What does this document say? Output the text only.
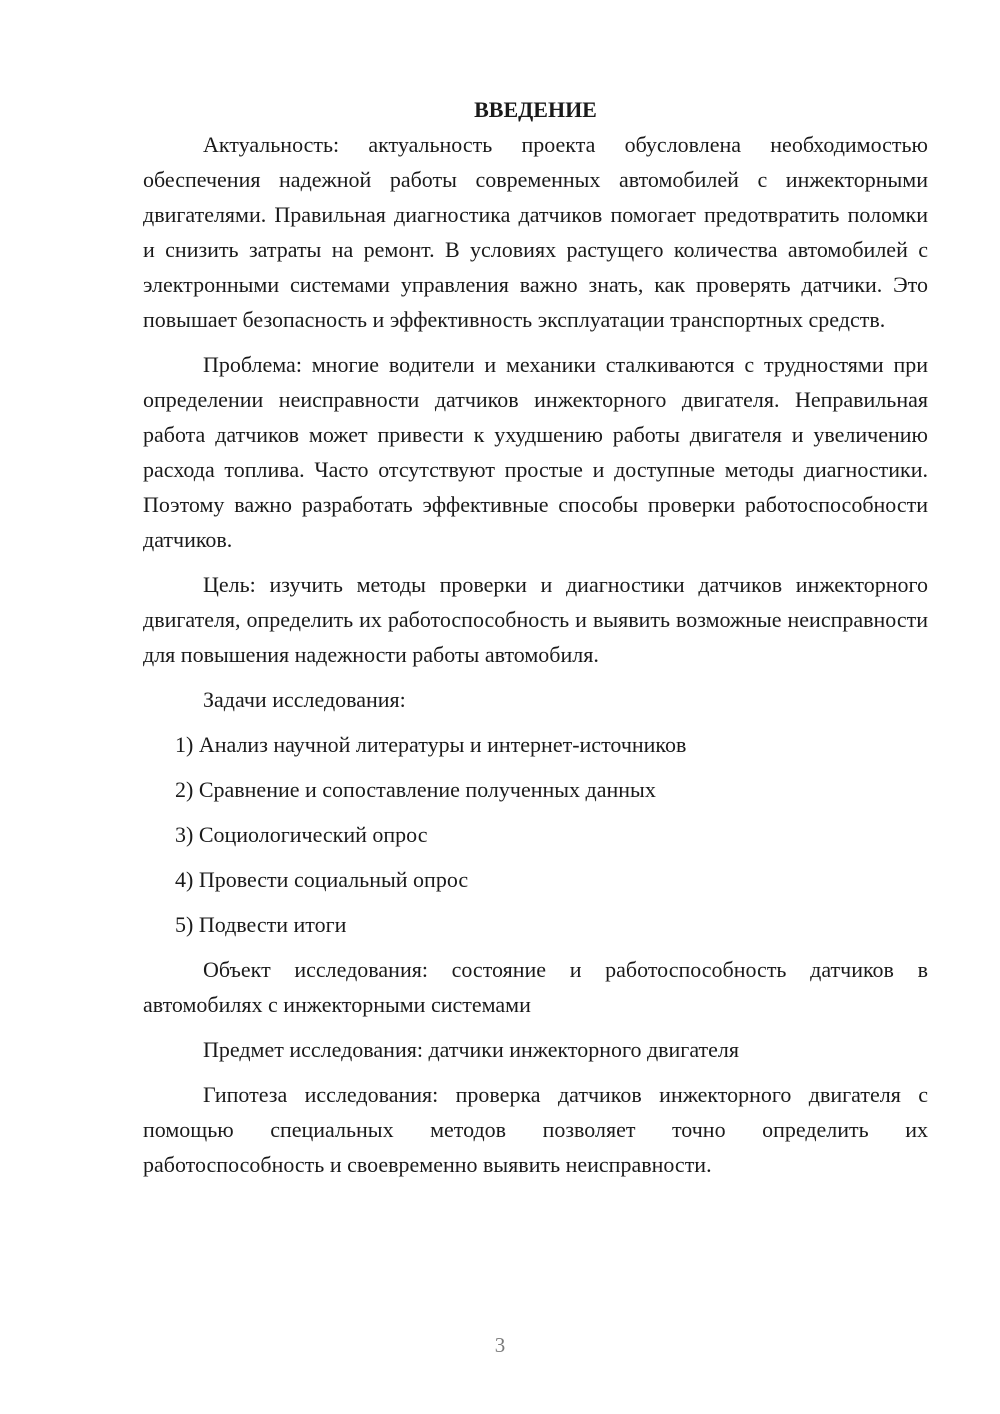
ВВЕДЕНИЕ

Актуальность: актуальность проекта обусловлена необходимостью обеспечения надежной работы современных автомобилей с инжекторными двигателями. Правильная диагностика датчиков помогает предотвратить поломки и снизить затраты на ремонт. В условиях растущего количества автомобилей с электронными системами управления важно знать, как проверять датчики. Это повышает безопасность и эффективность эксплуатации транспортных средств.

Проблема: многие водители и механики сталкиваются с трудностями при определении неисправности датчиков инжекторного двигателя. Неправильная работа датчиков может привести к ухудшению работы двигателя и увеличению расхода топлива. Часто отсутствуют простые и доступные методы диагностики. Поэтому важно разработать эффективные способы проверки работоспособности датчиков.

Цель: изучить методы проверки и диагностики датчиков инжекторного двигателя, определить их работоспособность и выявить возможные неисправности для повышения надежности работы автомобиля.

Задачи исследования:
1) Анализ научной литературы и интернет-источников
2) Сравнение и сопоставление полученных данных
3) Социологический опрос
4) Провести социальный опрос
5) Подвести итоги

Объект исследования: состояние и работоспособность датчиков в автомобилях с инжекторными системами

Предмет исследования: датчики инжекторного двигателя

Гипотеза исследования: проверка датчиков инжекторного двигателя с помощью специальных методов позволяет точно определить их работоспособность и своевременно выявить неисправности.

3
